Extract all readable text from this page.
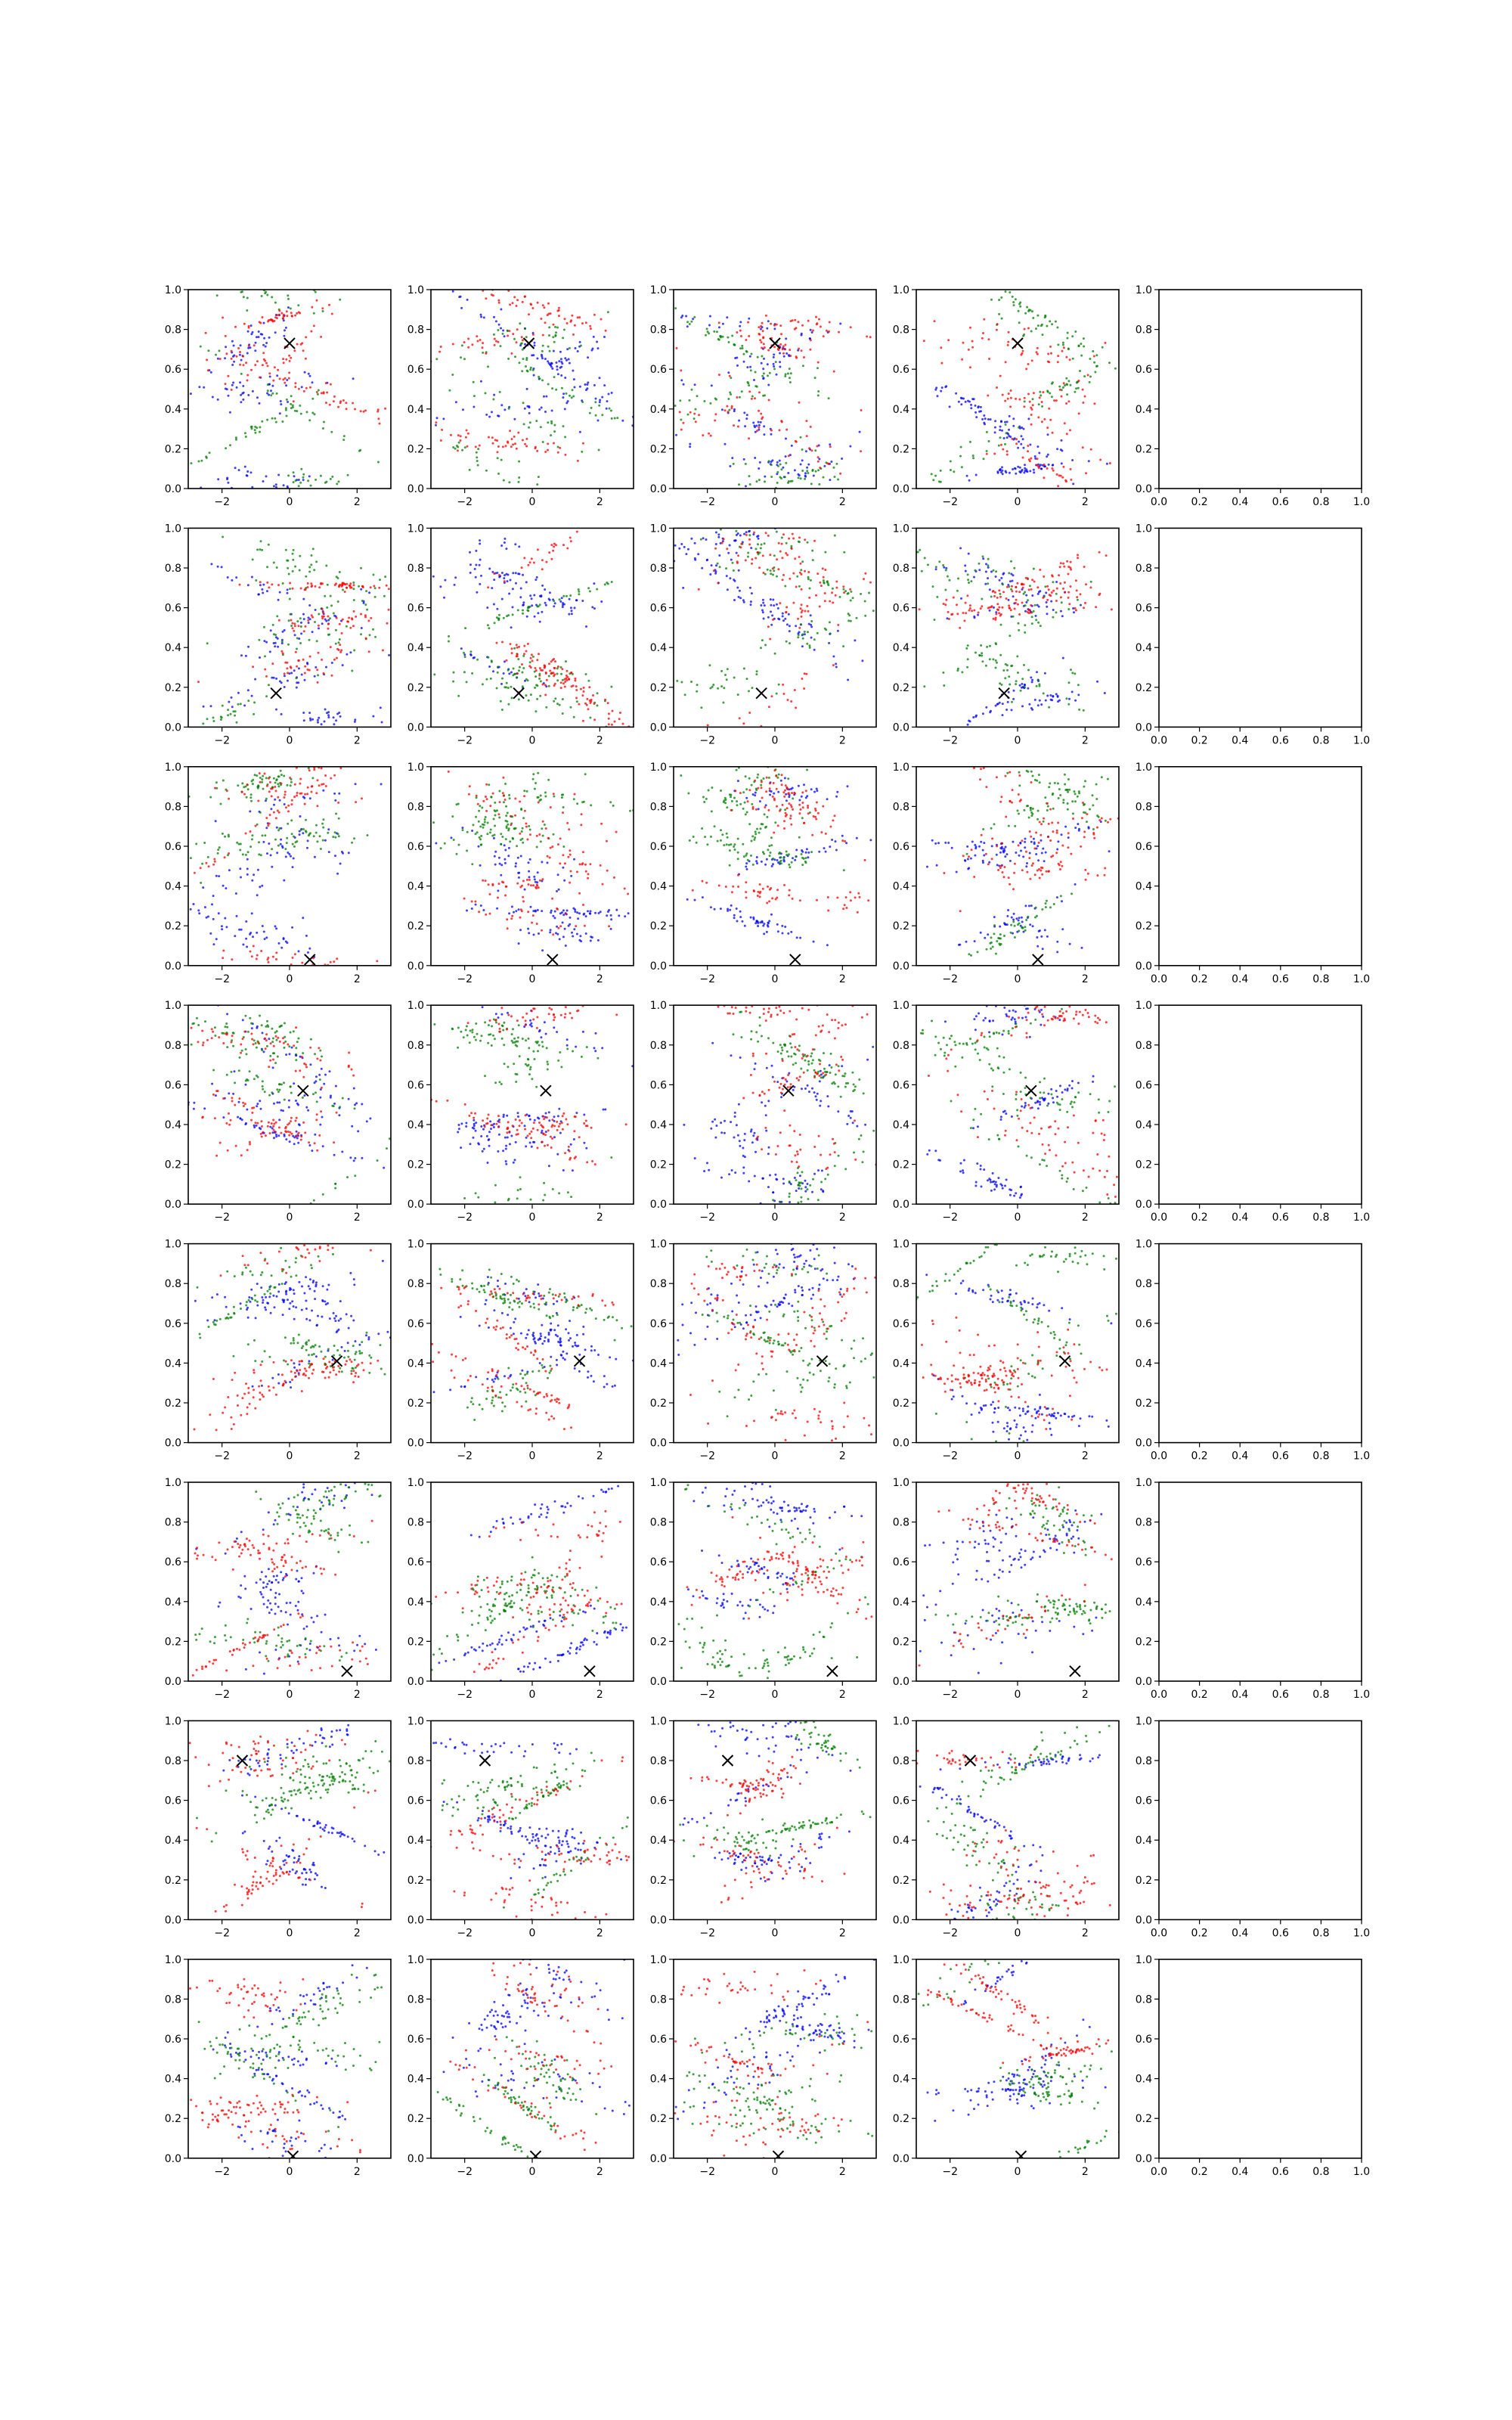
−2	0	2
0.0
0.2
0.4
0.6
0.8
1.0
−2	0	2
0.0
0.2
0.4
0.6
0.8
1.0
−2	0	2
0.0
0.2
0.4
0.6
0.8
1.0
−2	0	2
0.0
0.2
0.4
0.6
0.8
1.0
0.0 0.2 0.4 0.6 0.8 1.0
0.0
0.2
0.4
0.6
0.8
1.0
−2	0	2
0.0
0.2
0.4
0.6
0.8
1.0
−2	0	2
0.0
0.2
0.4
0.6
0.8
1.0
−2	0	2
0.0
0.2
0.4
0.6
0.8
1.0
−2	0	2
0.0
0.2
0.4
0.6
0.8
1.0
0.0 0.2 0.4 0.6 0.8 1.0
0.0
0.2
0.4
0.6
0.8
1.0
−2	0	2
0.0
0.2
0.4
0.6
0.8
1.0
−2	0	2
0.0
0.2
0.4
0.6
0.8
1.0
−2	0	2
0.0
0.2
0.4
0.6
0.8
1.0
−2	0	2
0.0
0.2
0.4
0.6
0.8
1.0
0.0 0.2 0.4 0.6 0.8 1.0
0.0
0.2
0.4
0.6
0.8
1.0
−2	0	2
0.0
0.2
0.4
0.6
0.8
1.0
−2	0	2
0.0
0.2
0.4
0.6
0.8
1.0
−2	0	2
0.0
0.2
0.4
0.6
0.8
1.0
−2	0	2
0.0
0.2
0.4
0.6
0.8
1.0
0.0 0.2 0.4 0.6 0.8 1.0
0.0
0.2
0.4
0.6
0.8
1.0
−2	0	2
0.0
0.2
0.4
0.6
0.8
1.0
−2	0	2
0.0
0.2
0.4
0.6
0.8
1.0
−2	0	2
0.0
0.2
0.4
0.6
0.8
1.0
−2	0	2
0.0
0.2
0.4
0.6
0.8
1.0
0.0 0.2 0.4 0.6 0.8 1.0
0.0
0.2
0.4
0.6
0.8
1.0
−2	0	2
0.0
0.2
0.4
0.6
0.8
1.0
−2	0	2
0.0
0.2
0.4
0.6
0.8
1.0
−2	0	2
0.0
0.2
0.4
0.6
0.8
1.0
−2	0	2
0.0
0.2
0.4
0.6
0.8
1.0
0.0 0.2 0.4 0.6 0.8 1.0
0.0
0.2
0.4
0.6
0.8
1.0
−2	0	2
0.0
0.2
0.4
0.6
0.8
1.0
−2	0	2
0.0
0.2
0.4
0.6
0.8
1.0
−2	0	2
0.0
0.2
0.4
0.6
0.8
1.0
−2	0	2
0.0
0.2
0.4
0.6
0.8
1.0
0.0 0.2 0.4 0.6 0.8 1.0
0.0
0.2
0.4
0.6
0.8
1.0
−2	0	2
0.0
0.2
0.4
0.6
0.8
1.0
−2	0	2
0.0
0.2
0.4
0.6
0.8
1.0
−2	0	2
0.0
0.2
0.4
0.6
0.8
1.0
−2	0	2
0.0
0.2
0.4
0.6
0.8
1.0
0.0 0.2 0.4 0.6 0.8 1.0
0.0
0.2
0.4
0.6
0.8
1.0
